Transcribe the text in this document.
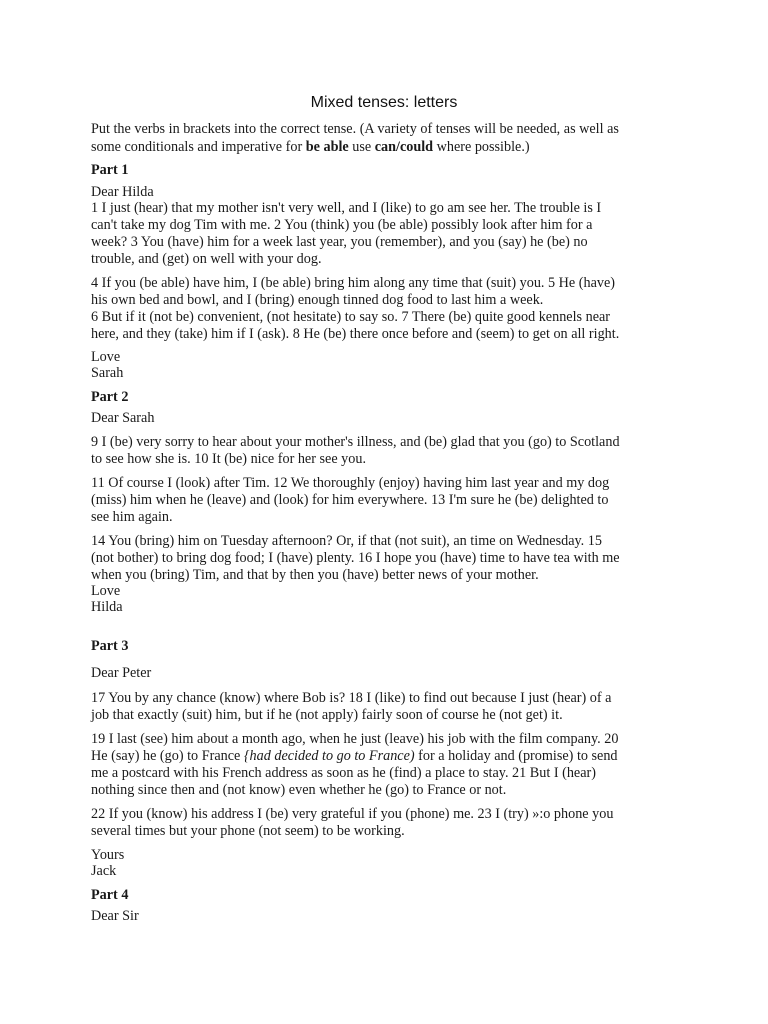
Mixed tenses: letters
Put the verbs in brackets into the correct tense. (A variety of tenses will be needed, as well as
some conditionals and imperative for be able use can/could where possible.)
Part 1
Dear Hilda
1 I just (hear) that my mother isn't very well, and I (like) to go am see her. The trouble is I
can't take my dog Tim with me. 2 You (think) you (be able) possibly look after him for a
week? 3 You (have) him for a week last year, you (remember), and you (say) he (be) no
trouble, and (get) on well with your dog.
4 If you (be able) have him, I (be able) bring him along any time that (suit) you. 5 He (have)
his own bed and bowl, and I (bring) enough tinned dog food to last him a week.
6 But if it (not be) convenient, (not hesitate) to say so. 7 There (be) quite good kennels near
here, and they (take) him if I (ask). 8 He (be) there once before and (seem) to get on all right.
Love
Sarah
Part 2
Dear Sarah
9 I (be) very sorry to hear about your mother's illness, and (be) glad that you (go) to Scotland
to see how she is. 10 It (be) nice for her see you.
11 Of course I (look) after Tim. 12 We thoroughly (enjoy) having him last year and my dog
(miss) him when he (leave) and (look) for him everywhere. 13 I'm sure he (be) delighted to
see him again.
14 You (bring) him on Tuesday afternoon? Or, if that (not suit), an time on Wednesday. 15
(not bother) to bring dog food; I (have) plenty. 16 I hope you (have) time to have tea with me
when you (bring) Tim, and that by then you (have) better news of your mother.
Love
Hilda
Part 3
Dear Peter
17 You by any chance (know) where Bob is? 18 I (like) to find out because I just (hear) of a
job that exactly (suit) him, but if he (not apply) fairly soon of course he (not get) it.
19 I last (see) him about a month ago, when he just (leave) his job with the film company. 20
He (say) he (go) to France {had decided to go to France) for a holiday and (promise) to send
me a postcard with his French address as soon as he (find) a place to stay. 21 But I (hear)
nothing since then and (not know) even whether he (go) to France or not.
22 If you (know) his address I (be) very grateful if you (phone) me. 23 I (try) »:o phone you
several times but your phone (not seem) to be working.
Yours
Jack
Part 4
Dear Sir
